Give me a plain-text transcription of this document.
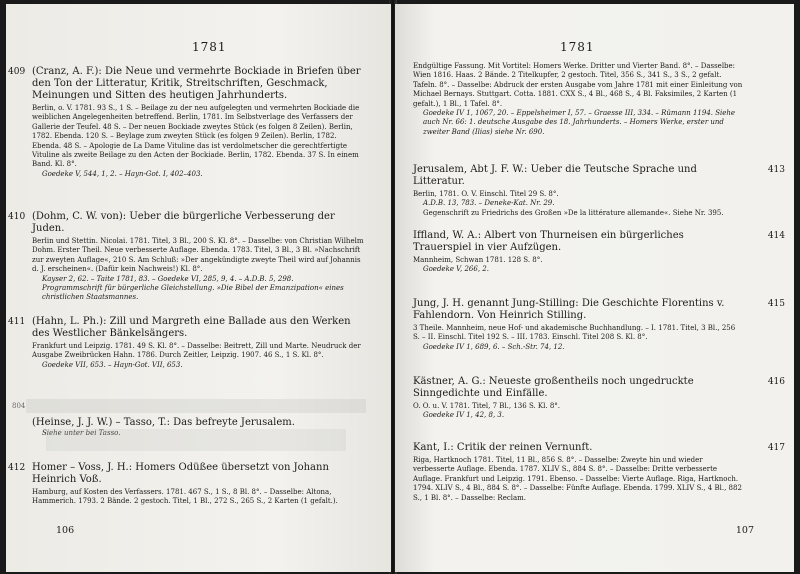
1781
409 (Cranz, A. F.): Die Neue und vermehrte Bockiade in Briefen über den Ton der Litteratur, Kritik, Streitschriften, Geschmack, Meinungen und Sitten des heutigen Jahrhunderts.
Berlin, o. V. 1781. 93 S., 1 S. – Beilage zu der neu aufgelegten und vermehrten Bockiade die weiblichen Angelegenheiten betreffend. Berlin, 1781. Im Selbstverlage des Verfassers der Gallerie der Teufel. 48 S. – Der neuen Bockiade zweytes Stück (es folgen 8 Zeilen). Berlin, 1782. Ebenda. 120 S. – Beylage zum zweyten Stück (es folgen 9 Zeilen). Berlin, 1782. Ebenda. 48 S. – Apologie de La Dame Vituline das ist verdolmetscher die gerechtfertigte Vituline als zweite Beilage zu den Acten der Bockiade. Berlin, 1782. Ebenda. 37 S. In einem Band. Kl. 8°.
Goedeke V, 544, 1, 2. – Hayn-Got. I, 402–403.
410 (Dohm, C. W. von): Ueber die bürgerliche Verbesserung der Juden.
Berlin und Stettin. Nicolai. 1781. Titel, 3 Bl., 200 S. Kl. 8°. – Dasselbe: von Christian Wilhelm Dohm. Erster Theil. Neue verbesserte Auflage. Ebenda. 1783. Titel, 3 Bl., 3 Bl. »Nachschrift zur zweyten Auflage«, 210 S. Am Schluß: »Der angekündigte zweyte Theil wird auf Johannis d. J. erscheinen«. (Dafür kein Nachweis!) Kl. 8°.
Kayser 2, 62. – Taite 1781, 83. – Goedeke VI, 285, 9, 4. – A.D.B. 5, 298.
Programmschrift für bürgerliche Gleichstellung. »Die Bibel der Emanzipation« eines christlichen Staatsmannes.
411 (Hahn, L. Ph.): Zill und Margreth eine Ballade aus den Werken des Westlicher Bänkelsängers.
Frankfurt und Leipzig. 1781. 49 S. Kl. 8°. – Dasselbe: Beitrett, Zill und Marte. Neudruck der Ausgabe Zweibrücken Hahn. 1786. Durch Zeitler, Leipzig. 1907. 46 S., 1 S. Kl. 8°.
Goedeke VII, 653. – Hayn-Got. VII, 653.
804
(Heinse, J. J. W.) – Tasso, T.: Das befreyte Jerusalem.
Siehe unter bei Tasso.
412 Homer – Voss, J. H.: Homers Odüßee übersetzt von Johann Heinrich Voß.
Hamburg, auf Kosten des Verfassers. 1781. 467 S., 1 S., 8 Bl. 8°. – Dasselbe: Altona, Hammerich. 1793. 2 Bände. 2 gestoch. Titel, 1 Bl., 272 S., 265 S., 2 Karten (1 gefalt.).
106
1781
Endgültige Fassung. Mit Vortitel: Homers Werke. Dritter und Vierter Band. 8°. – Dasselbe: Wien 1816. Haas. 2 Bände. 2 Titelkupfer, 2 gestoch. Titel, 356 S., 341 S., 3 S., 2 gefalt. Tafeln. 8°. – Dasselbe: Abdruck der ersten Ausgabe vom Jahre 1781 mit einer Einleitung von Michael Bernays. Stuttgart. Cotta. 1881. CXX S., 4 Bl., 468 S., 4 Bl. Faksimiles, 2 Karten (1 gefalt.), 1 Bl., 1 Tafel. 8°.
Goedeke IV 1, 1067, 20. – Eppelsheimer I, 57. – Graesse III, 334. – Rümann 1194. Siehe auch Nr. 66: 1. deutsche Ausgabe des 18. Jahrhunderts. – Homers Werke, erster und zweiter Band (Ilias) siehe Nr. 690.
413
Jerusalem, Abt J. F. W.: Ueber die Teutsche Sprache und Litteratur.
Berlin, 1781. O. V. Einschl. Titel 29 S. 8°.
A.D.B. 13, 783. – Deneke-Kat. Nr. 29.
Gegenschrift zu Friedrichs des Großen »De la littérature allemande«. Siehe Nr. 395.
414
Iffland, W. A.: Albert von Thurneisen ein bürgerliches Trauerspiel in vier Aufzügen.
Mannheim, Schwan 1781. 128 S. 8°.
Goedeke V, 266, 2.
415
Jung, J. H. genannt Jung-Stilling: Die Geschichte Florentins v. Fahlendorn. Von Heinrich Stilling.
3 Theile. Mannheim, neue Hof- und akademische Buchhandlung. – I. 1781. Titel, 3 Bl., 256 S. – II. Einschl. Titel 192 S. – III. 1783. Einschl. Titel 208 S. Kl. 8°.
Goedeke IV 1, 689, 6. – Sch.-Str. 74, 12.
416
Kästner, A. G.: Neueste großentheils noch ungedruckte Sinngedichte und Einfälle.
O. O. u. V. 1781. Titel, 7 Bl., 136 S. Kl. 8°.
Goedeke IV 1, 42, 8, 3.
417
Kant, I.: Critik der reinen Vernunft.
Riga, Hartknoch 1781. Titel, 11 Bl., 856 S. 8°. – Dasselbe: Zweyte hin und wieder verbesserte Auflage. Ebenda. 1787. XLIV S., 884 S. 8°. – Dasselbe: Dritte verbesserte Auflage. Frankfurt und Leipzig. 1791. Ebenso. – Dasselbe: Vierte Auflage. Riga, Hartknoch. 1794. XLIV S., 4 Bl., 884 S. 8°. – Dasselbe: Fünfte Auflage. Ebenda. 1799. XLIV S., 4 Bl., 882 S., 1 Bl. 8°. – Dasselbe: Reclam.
107
